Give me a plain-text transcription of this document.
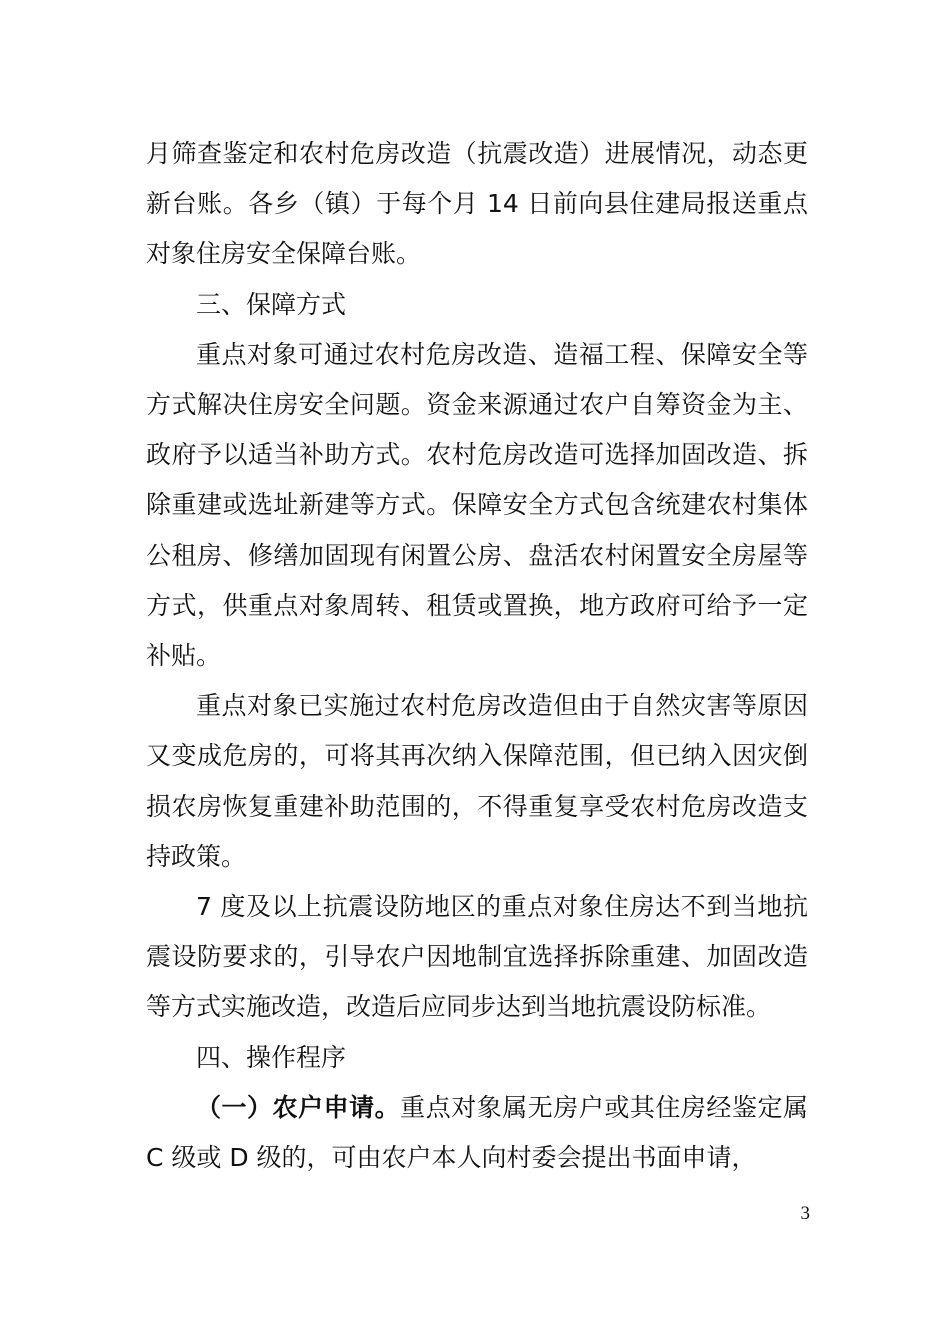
月筛查鉴定和农村危房改造（抗震改造）进展情况，动态更新台账。各乡（镇）于每个月 14 日前向县住建局报送重点对象住房安全保障台账。

三、保障方式

重点对象可通过农村危房改造、造福工程、保障安全等方式解决住房安全问题。资金来源通过农户自筹资金为主、政府予以适当补助方式。农村危房改造可选择加固改造、拆除重建或选址新建等方式。保障安全方式包含统建农村集体公租房、修缮加固现有闲置公房、盘活农村闲置安全房屋等方式，供重点对象周转、租赁或置换，地方政府可给予一定补贴。

重点对象已实施过农村危房改造但由于自然灾害等原因又变成危房的，可将其再次纳入保障范围，但已纳入因灾倒损农房恢复重建补助范围的，不得重复享受农村危房改造支持政策。

7 度及以上抗震设防地区的重点对象住房达不到当地抗震设防要求的，引导农户因地制宜选择拆除重建、加固改造等方式实施改造，改造后应同步达到当地抗震设防标准。

四、操作程序

（一）农户申请。重点对象属无房户或其住房经鉴定属 C 级或 D 级的，可由农户本人向村委会提出书面申请，

3
